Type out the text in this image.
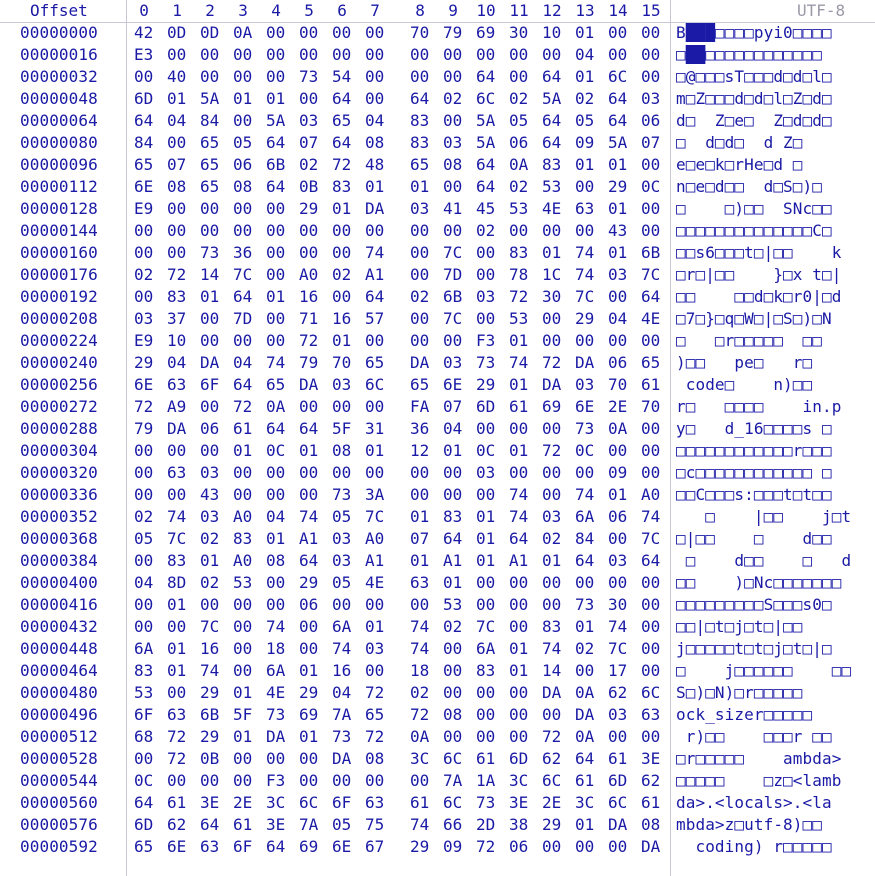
Offset	0 1 2 3 4 5 6 7 8 9 10 11 12 13 14 15	UTF-8
00000000 42 0D 0D 0A 00 00 00 00 70 79 69 30 10 01 00 00 B███□□□□pyi0□□□□
00000016 E3 00 00 00 00 00 00 00 00 00 00 00 00 04 00 00 □██□□□□□□□□□□□□
00000032 00 40 00 00 00 73 54 00 00 00 64 00 64 01 6C 00 □@□□□sT□□□d□d□l□
00000048 6D 01 5A 01 01 00 64 00 64 02 6C 02 5A 02 64 03 m□Z□□□d□d□l□Z□d□
00000064 64 04 84 00 5A 03 65 04 83 00 5A 05 64 05 64 06 d□  Z□e□  Z□d□d□
00000080 84 00 65 05 64 07 64 08 83 03 5A 06 64 09 5A 07 □  d□d□  d Z□
00000096 65 07 65 06 6B 02 72 48 65 08 64 0A 83 01 01 00 e□e□k□rHe□d □
00000112 6E 08 65 08 64 0B 83 01 01 00 64 02 53 00 29 0C n□e□d□□  d□S□)□
00000128 E9 00 00 00 00 29 01 DA 03 41 45 53 4E 63 01 00 □    □)□□  SNc□□
00000144 00 00 00 00 00 00 00 00 00 00 02 00 00 00 43 00 □□□□□□□□□□□□□□C□
00000160 00 00 73 36 00 00 00 74 00 7C 00 83 01 74 01 6B □□s6□□□t□|□□    k
00000176 02 72 14 7C 00 A0 02 A1 00 7D 00 78 1C 74 03 7C □r□|□□    }□x t□|
00000192 00 83 01 64 01 16 00 64 02 6B 03 72 30 7C 00 64 □□    □□d□k□r0|□d
00000208 03 37 00 7D 00 71 16 57 00 7C 00 53 00 29 04 4E □7□}□q□W□|□S□)□N
00000224 E9 10 00 00 00 72 01 00 00 00 F3 01 00 00 00 00 □   □r□□□□□  □□
00000240 29 04 DA 04 74 79 70 65 DA 03 73 74 72 DA 06 65 )□□   pe□   r□
00000256 6E 63 6F 64 65 DA 03 6C 65 6E 29 01 DA 03 70 61 code□    n)□□
00000272 72 A9 00 72 0A 00 00 00 FA 07 6D 61 69 6E 2E 70 r□   □□□□    in.p
00000288 79 DA 06 61 64 64 5F 31 36 04 00 00 00 73 0A 00 y□   d_16□□□□s □
00000304 00 00 00 01 0C 01 08 01 12 01 0C 01 72 0C 00 00 □□□□□□□□□□□□r□□□
00000320 00 63 03 00 00 00 00 00 00 00 03 00 00 00 09 00 □c□□□□□□□□□□□□ □
00000336 00 00 43 00 00 00 73 3A 00 00 00 74 00 74 01 A0 □□C□□□s:□□□t□t□□
00000352 02 74 03 A0 04 74 05 7C 01 83 01 74 03 6A 06 74 □    |□□    j□t
00000368 05 7C 02 83 01 A1 03 A0 07 64 01 64 02 84 00 7C □|□□    □    d□□
00000384 00 83 01 A0 08 64 03 A1 01 A1 01 A1 01 64 03 64 □    d□□    □   d
00000400 04 8D 02 53 00 29 05 4E 63 01 00 00 00 00 00 00 □□    )□Nc□□□□□□□
00000416 00 01 00 00 00 06 00 00 00 53 00 00 00 73 30 00 □□□□□□□□□S□□□s0□
00000432 00 00 7C 00 74 00 6A 01 74 02 7C 00 83 01 74 00 □□|□t□j□t□|□□
00000448 6A 01 16 00 18 00 74 03 74 00 6A 01 74 02 7C 00 j□□□□□t□t□j□t□|□
00000464 83 01 74 00 6A 01 16 00 18 00 83 01 14 00 17 00 □    j□□□□□□    □□
00000480 53 00 29 01 4E 29 04 72 02 00 00 00 DA 0A 62 6C S□)□N)□r□□□□□
00000496 6F 63 6B 5F 73 69 7A 65 72 08 00 00 00 DA 03 63 ock_sizer□□□□□
00000512 68 72 29 01 DA 01 73 72 0A 00 00 00 72 0A 00 00 r)□□    □□□r □□
00000528 00 72 0B 00 00 00 DA 08 3C 6C 61 6D 62 64 61 3E □r□□□□□    ambda>
00000544 0C 00 00 00 F3 00 00 00 00 7A 1A 3C 6C 61 6D 62 □□□□□    □z□<lamb
00000560 64 61 3E 2E 3C 6C 6F 63 61 6C 73 3E 2E 3C 6C 61 da>.<locals>.<la
00000576 6D 62 64 61 3E 7A 05 75 74 66 2D 38 29 01 DA 08 mbda>z□utf-8)□□
00000592 65 6E 63 6F 64 69 6E 67 29 09 72 06 00 00 00 DA coding) r□□□□□
